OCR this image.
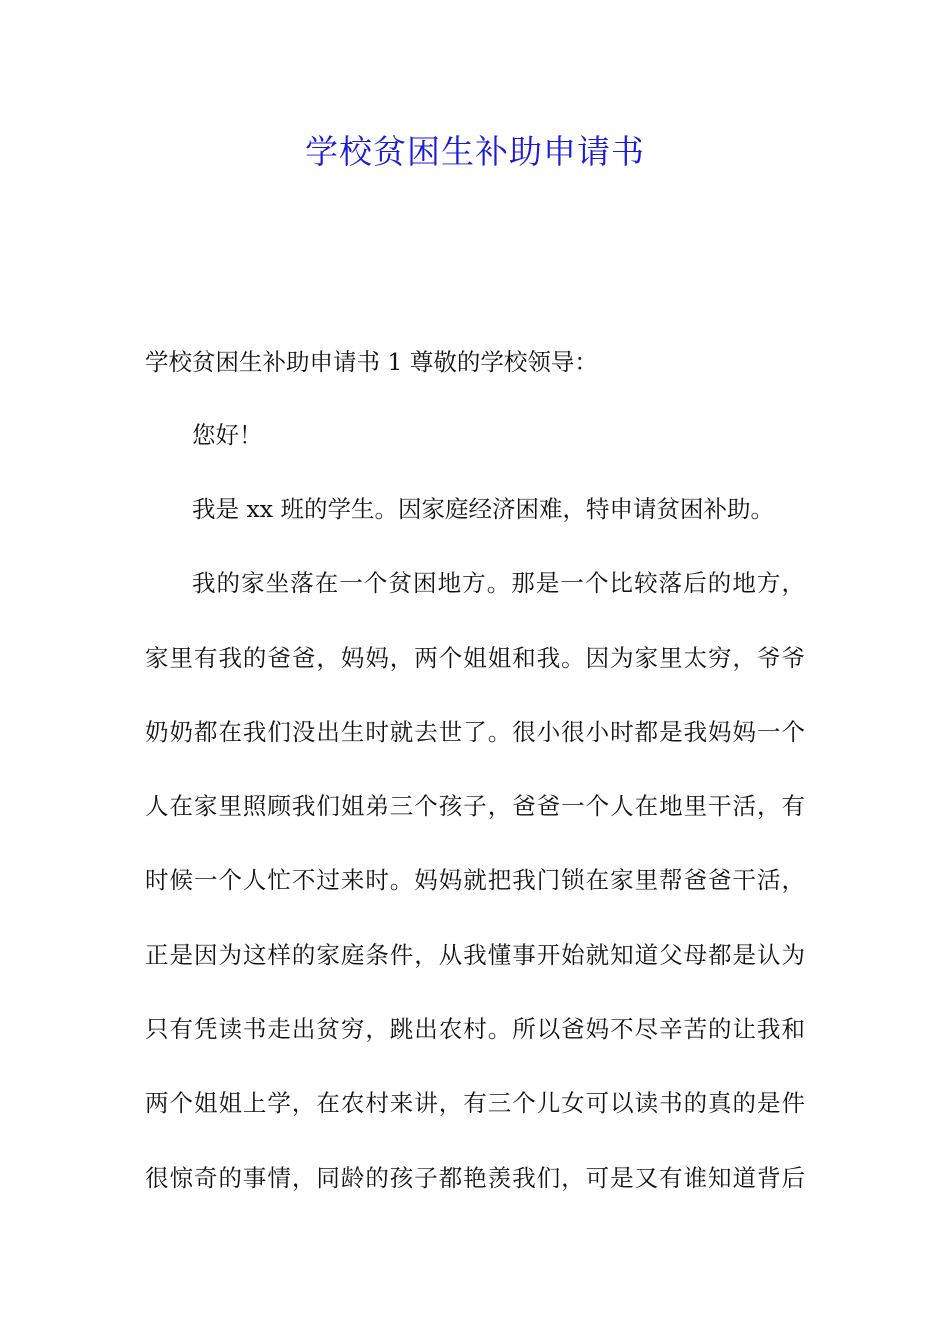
学校贫困生补助申请书
学校贫困生补助申请书 1 尊敬的学校领导：
您好！
我是 xx 班的学生。因家庭经济困难，特申请贫困补助。
我的家坐落在一个贫困地方。那是一个比较落后的地方，
家里有我的爸爸，妈妈，两个姐姐和我。因为家里太穷，爷爷
奶奶都在我们没出生时就去世了。很小很小时都是我妈妈一个
人在家里照顾我们姐弟三个孩子，爸爸一个人在地里干活，有
时候一个人忙不过来时。妈妈就把我门锁在家里帮爸爸干活，
正是因为这样的家庭条件，从我懂事开始就知道父母都是认为
只有凭读书走出贫穷，跳出农村。所以爸妈不尽辛苦的让我和
两个姐姐上学，在农村来讲，有三个儿女可以读书的真的是件
很惊奇的事情，同龄的孩子都艳羡我们，可是又有谁知道背后
